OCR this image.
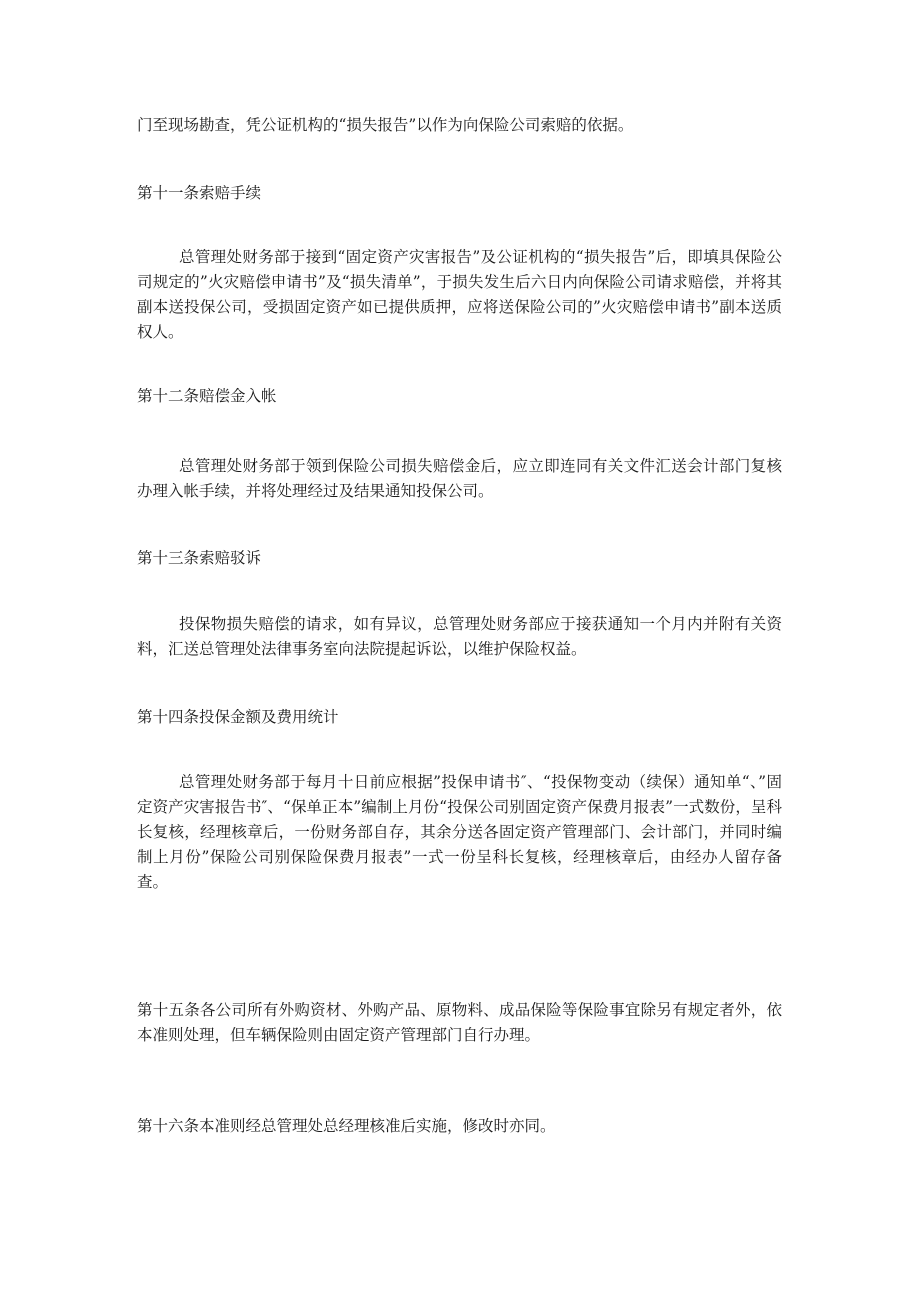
门至现场勘查，凭公证机构的“损失报告”以作为向保险公司索赔的依据。

第十一条索赔手续

总管理处财务部于接到“固定资产灾害报告”及公证机构的“损失报告”后，即填具保险公司规定的”火灾赔偿申请书”及“损失清单”，于损失发生后六日内向保险公司请求赔偿，并将其副本送投保公司，受损固定资产如已提供质押，应将送保险公司的”火灾赔偿申请书”副本送质权人。

第十二条赔偿金入帐

总管理处财务部于领到保险公司损失赔偿金后，应立即连同有关文件汇送会计部门复核办理入帐手续，并将处理经过及结果通知投保公司。

第十三条索赔驳诉

投保物损失赔偿的请求，如有异议，总管理处财务部应于接获通知一个月内并附有关资料，汇送总管理处法律事务室向法院提起诉讼，以维护保险权益。

第十四条投保金额及费用统计

总管理处财务部于每月十日前应根据”投保申请书″、“投保物变动（续保）通知单“、”固定资产灾害报告书″、“保单正本”编制上月份“投保公司别固定资产保费月报表”一式数份，呈科长复核，经理核章后，一份财务部自存，其余分送各固定资产管理部门、会计部门，并同时编制上月份”保险公司别保险保费月报表”一式一份呈科长复核，经理核章后，由经办人留存备查。

第十五条各公司所有外购资材、外购产品、原物料、成品保险等保险事宜除另有规定者外，依本准则处理，但车辆保险则由固定资产管理部门自行办理。

第十六条本准则经总管理处总经理核准后实施，修改时亦同。
